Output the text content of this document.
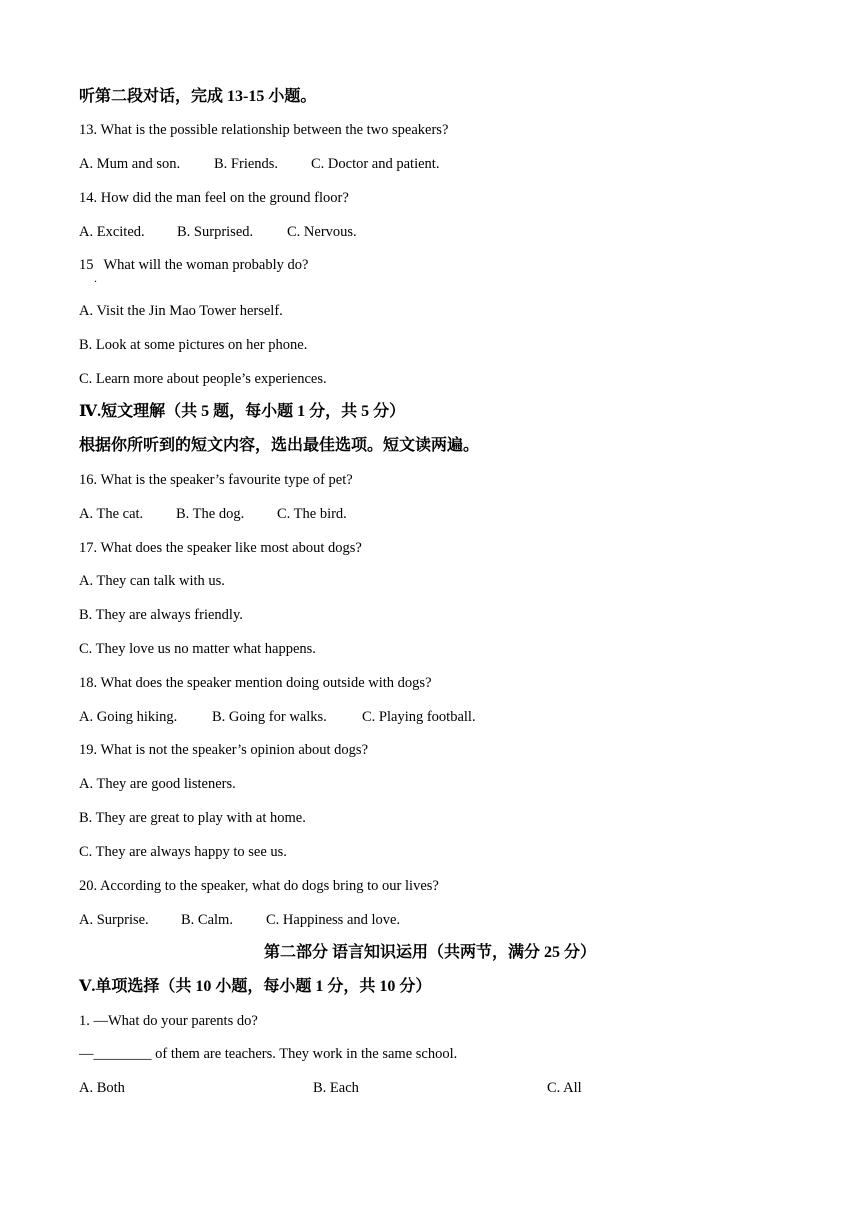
听第二段对话，完成 13-15 小题。
13. What is the possible relationship between the two speakers?
A. Mum and son. B. Friends. C. Doctor and patient.
14. How did the man feel on the ground floor?
A. Excited. B. Surprised. C. Nervous.
15 What will the woman probably do?
.
A. Visit the Jin Mao Tower herself.
B. Look at some pictures on her phone.
C. Learn more about people’s experiences.
Ⅳ.短文理解（共 5 题，每小题 1 分，共 5 分）
根据你所听到的短文内容，选出最佳选项。短文读两遍。
16. What is the speaker’s favourite type of pet?
A. The cat. B. The dog. C. The bird.
17. What does the speaker like most about dogs?
A. They can talk with us.
B. They are always friendly.
C. They love us no matter what happens.
18. What does the speaker mention doing outside with dogs?
A. Going hiking. B. Going for walks. C. Playing football.
19. What is not the speaker’s opinion about dogs?
A. They are good listeners.
B. They are great to play with at home.
C. They are always happy to see us.
20. According to the speaker, what do dogs bring to our lives?
A. Surprise. B. Calm. C. Happiness and love.
第二部分 语言知识运用（共两节，满分 25 分）
Ⅴ.单项选择（共 10 小题，每小题 1 分，共 10 分）
1. —What do your parents do?
—________ of them are teachers. They work in the same school.
A. Both	B. Each	C. All
